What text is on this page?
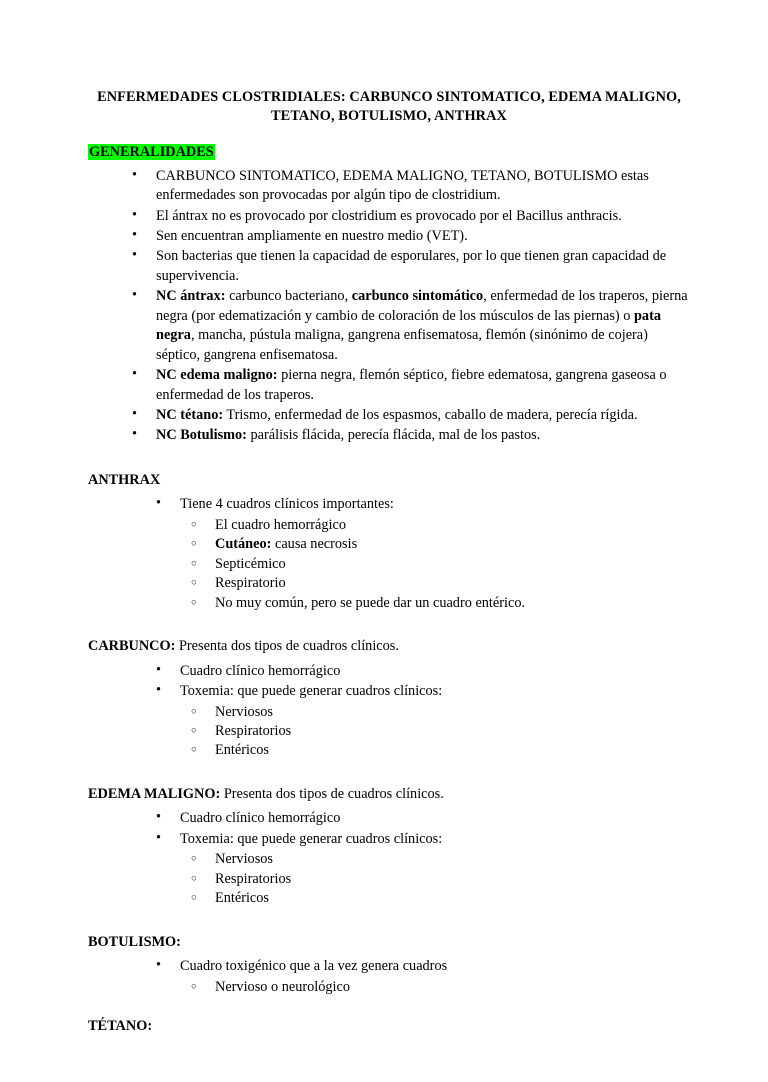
ENFERMEDADES CLOSTRIDIALES: CARBUNCO SINTOMATICO, EDEMA MALIGNO,
TETANO, BOTULISMO, ANTHRAX
GENERALIDADES
• CARBUNCO SINTOMATICO, EDEMA MALIGNO, TETANO, BOTULISMO estas enfermedades son provocadas por algún tipo de clostridium.
• El ántrax no es provocado por clostridium es provocado por el Bacillus anthracis.
• Sen encuentran ampliamente en nuestro medio (VET).
• Son bacterias que tienen la capacidad de esporulares, por lo que tienen gran capacidad de supervivencia.
• NC ántrax: carbunco bacteriano, carbunco sintomático, enfermedad de los traperos, pierna negra (por edematización y cambio de coloración de los músculos de las piernas) o pata negra, mancha, pústula maligna, gangrena enfisematosa, flemón (sinónimo de cojera) séptico, gangrena enfisematosa.
• NC edema maligno: pierna negra, flemón séptico, fiebre edematosa, gangrena gaseosa o enfermedad de los traperos.
• NC tétano: Trismo, enfermedad de los espasmos, caballo de madera, perecía rígida.
• NC Botulismo: parálisis flácida, perecía flácida, mal de los pastos.
ANTHRAX
• Tiene 4 cuadros clínicos importantes:
○ El cuadro hemorrágico
○ Cutáneo: causa necrosis
○ Septicémico
○ Respiratorio
○ No muy común, pero se puede dar un cuadro entérico.
CARBUNCO: Presenta dos tipos de cuadros clínicos.
• Cuadro clínico hemorrágico
• Toxemia: que puede generar cuadros clínicos:
○ Nerviosos
○ Respiratorios
○ Entéricos
EDEMA MALIGNO: Presenta dos tipos de cuadros clínicos.
• Cuadro clínico hemorrágico
• Toxemia: que puede generar cuadros clínicos:
○ Nerviosos
○ Respiratorios
○ Entéricos
BOTULISMO:
• Cuadro toxigénico que a la vez genera cuadros
○ Nervioso o neurológico
TÉTANO:
